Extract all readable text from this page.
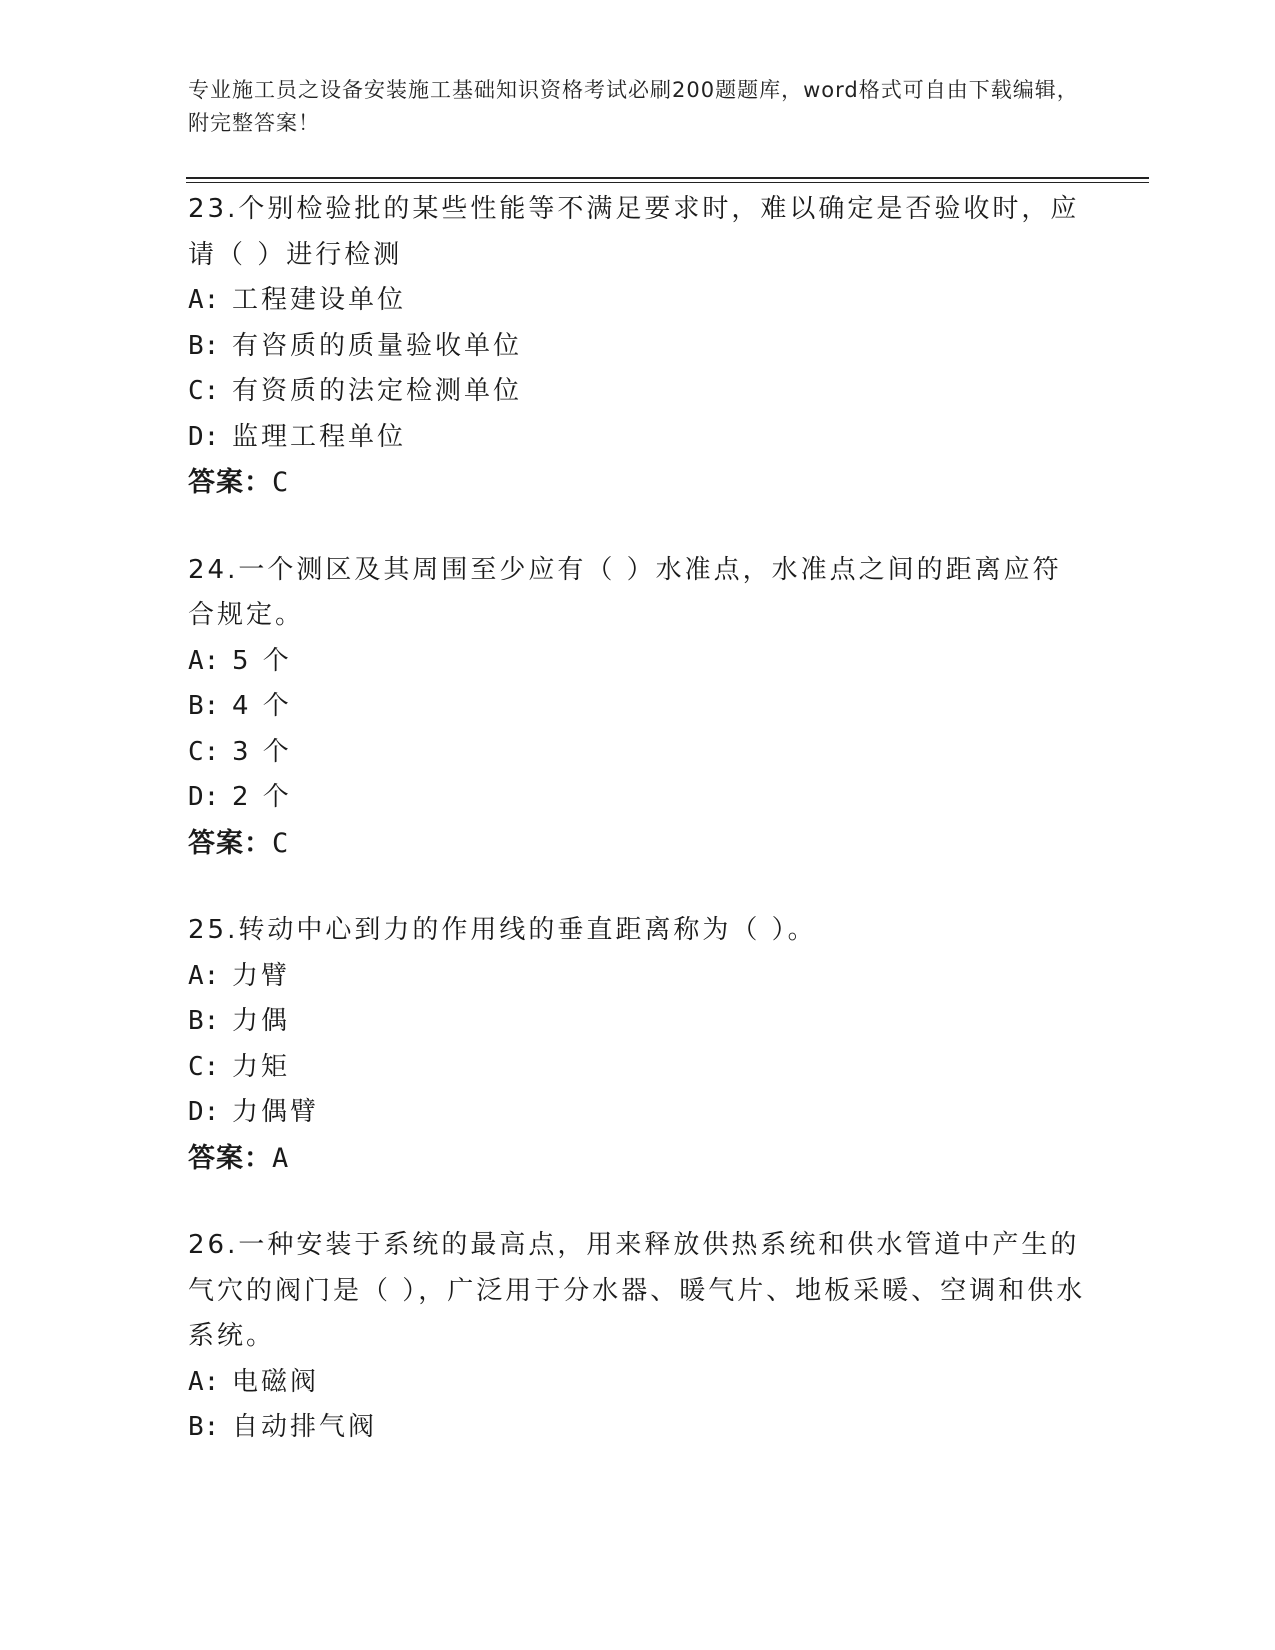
专业施工员之设备安装施工基础知识资格考试必刷200题题库，word格式可自由下载编辑，附完整答案！

23.个别检验批的某些性能等不满足要求时，难以确定是否验收时，应请（ ）进行检测

A: 工程建设单位

B: 有咨质的质量验收单位

C: 有资质的法定检测单位

D: 监理工程单位

答案：C

24.一个测区及其周围至少应有（ ）水准点，水准点之间的距离应符合规定。

A: 5 个

B: 4 个

C: 3 个

D: 2 个

答案：C

25.转动中心到力的作用线的垂直距离称为（ ）。

A: 力臂

B: 力偶

C: 力矩

D: 力偶臂

答案：A

26.一种安装于系统的最高点，用来释放供热系统和供水管道中产生的气穴的阀门是（ ），广泛用于分水器、暖气片、地板采暖、空调和供水系统。

A: 电磁阀

B: 自动排气阀
